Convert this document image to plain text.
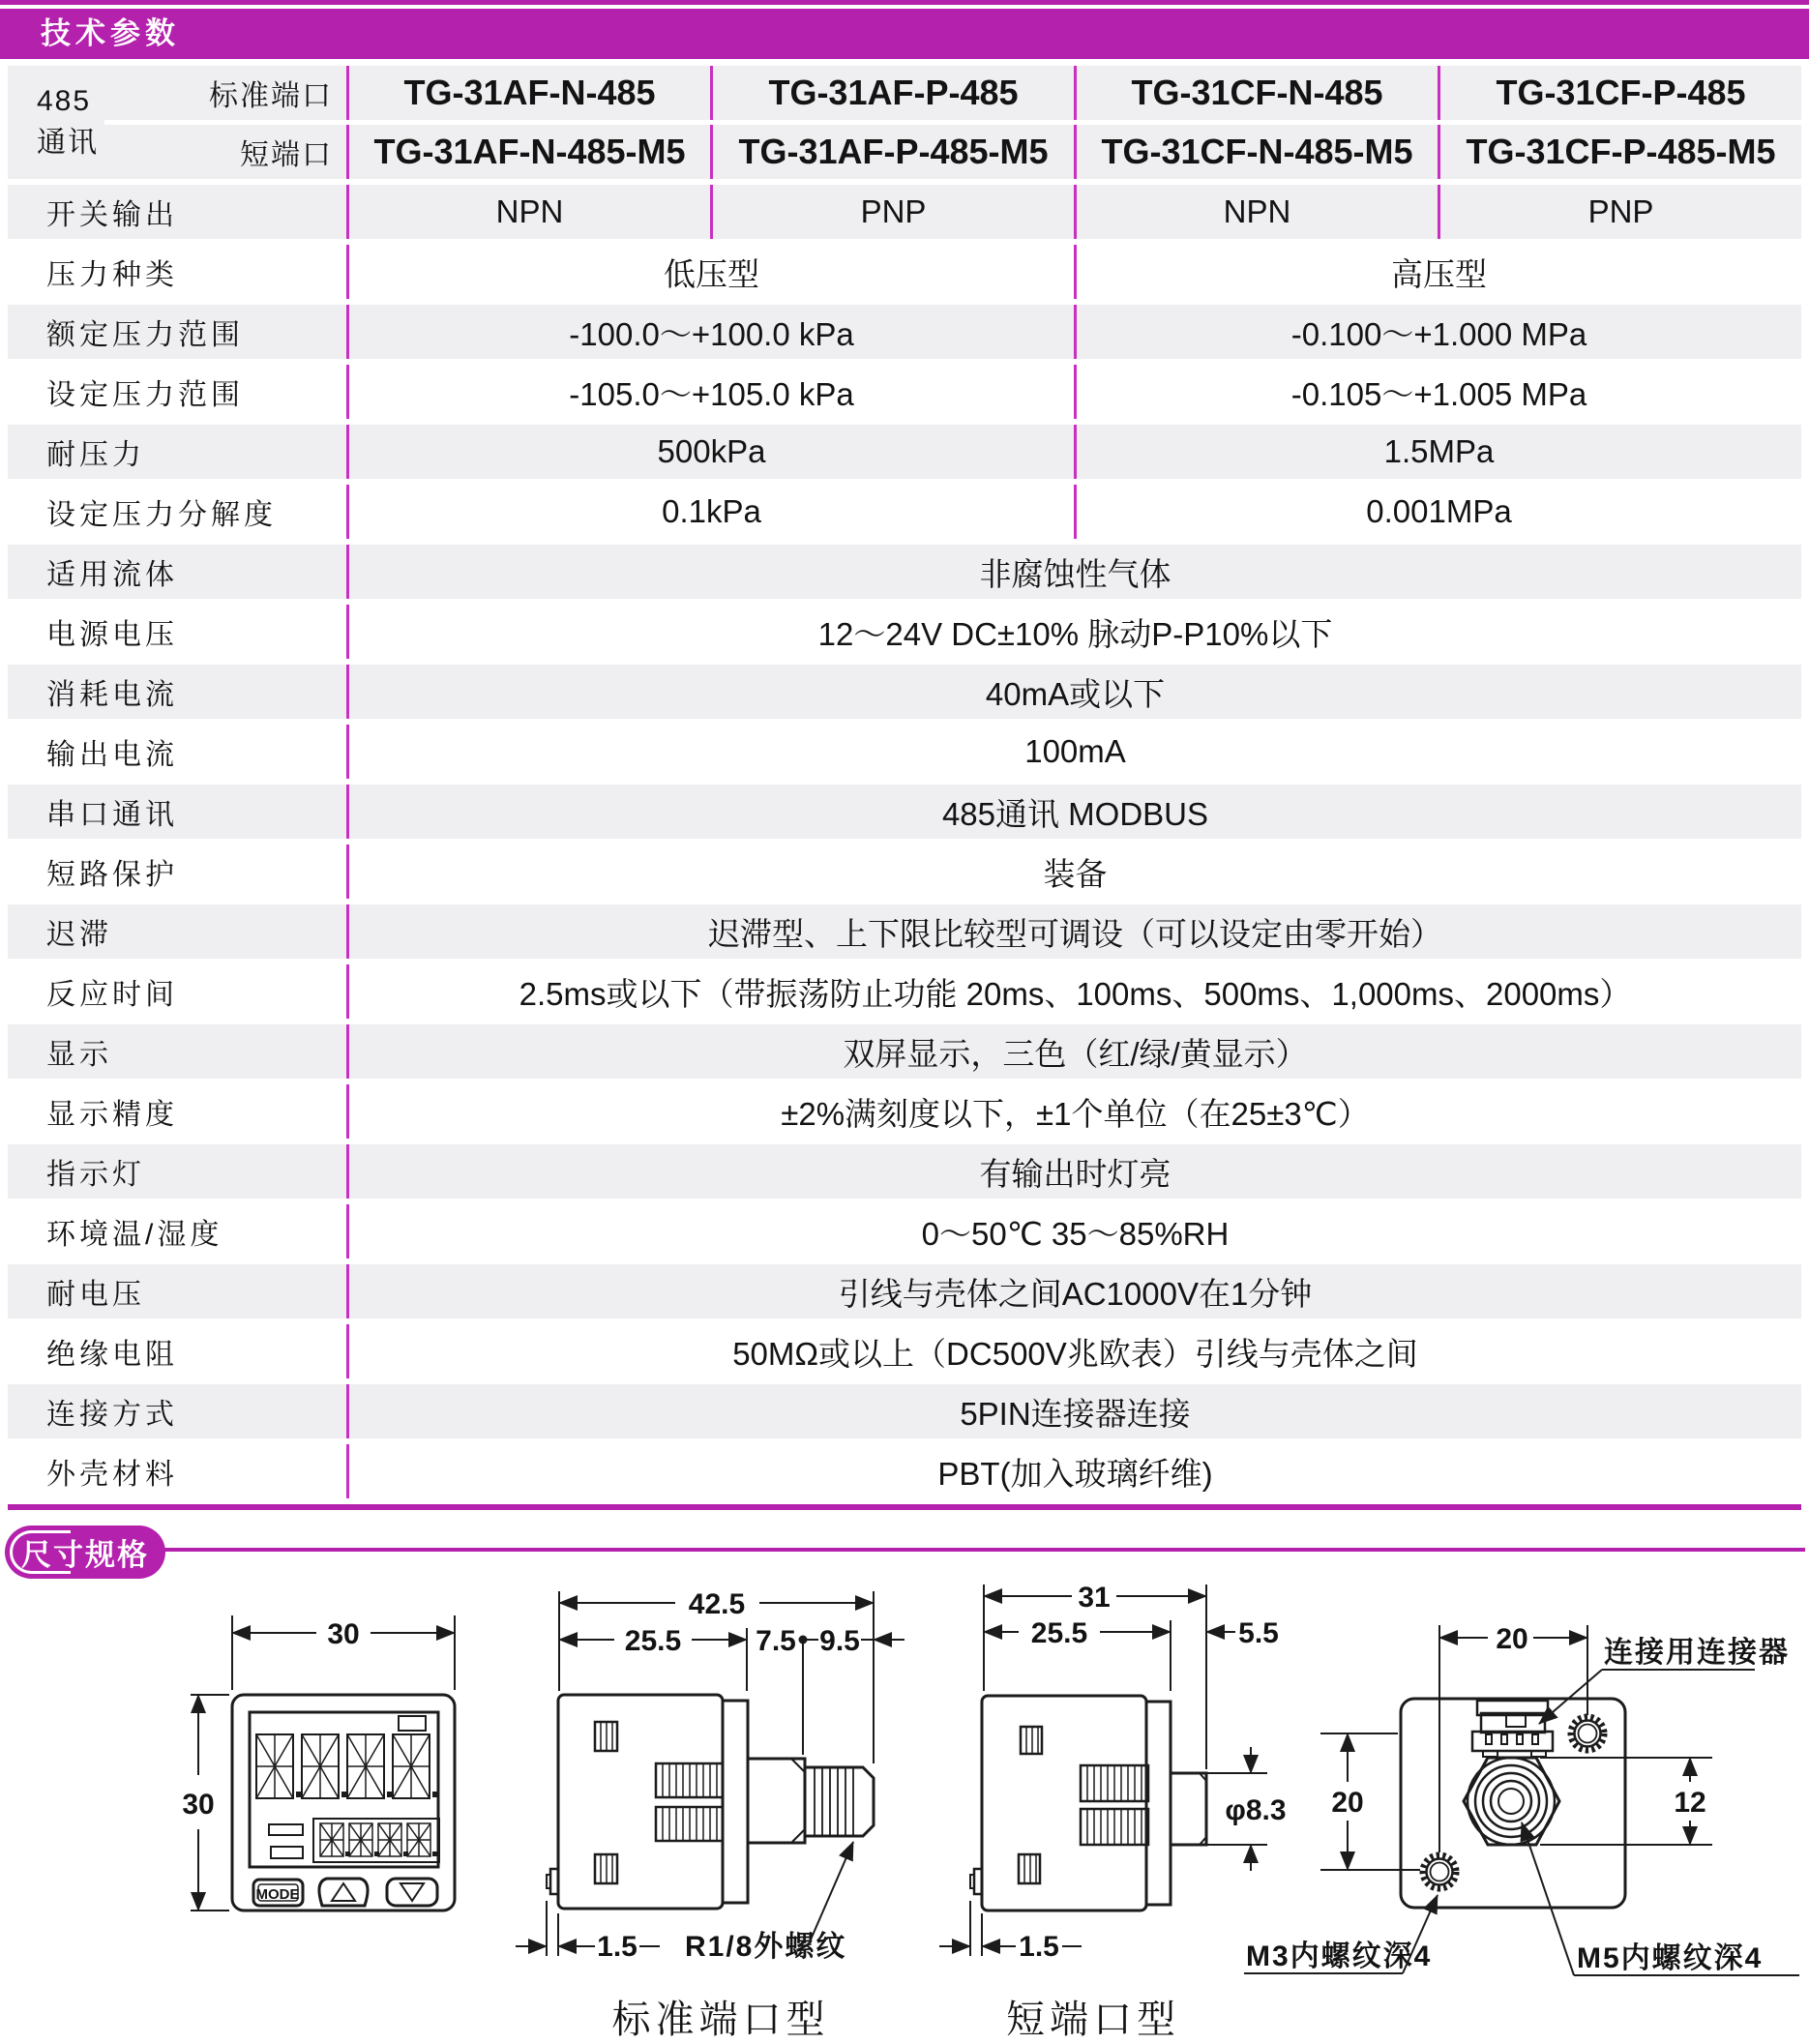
技术参数
485通讯
标准端口	TG-31AF-N-485	TG-31AF-P-485	TG-31CF-N-485	TG-31CF-P-485
短端口	TG-31AF-N-485-M5	TG-31AF-P-485-M5	TG-31CF-N-485-M5	TG-31CF-P-485-M5
开关输出	NPN	PNP	NPN	PNP
压力种类	低压型	高压型
额定压力范围	-100.0～+100.0 kPa	-0.100～+1.000 MPa
设定压力范围	-105.0～+105.0 kPa	-0.105～+1.005 MPa
耐压力	500kPa	1.5MPa
设定压力分解度	0.1kPa	0.001MPa
适用流体	非腐蚀性气体
电源电压	12～24V DC±10% 脉动P-P10%以下
消耗电流	40mA或以下
输出电流	100mA
串口通讯	485通讯 MODBUS
短路保护	装备
迟滞	迟滞型、上下限比较型可调设（可以设定由零开始）
反应时间	2.5ms或以下（带振荡防止功能 20ms、100ms、500ms、1,000ms、2000ms）
显示	双屏显示，三色（红/绿/黄显示）
显示精度	±2%满刻度以下，±1个单位（在25±3℃）
指示灯	有输出时灯亮
环境温/湿度	0～50℃ 35～85%RH
耐电压	引线与壳体之间AC1000V在1分钟
绝缘电阻	50MΩ或以上（DC500V兆欧表）引线与壳体之间
连接方式	5PIN连接器连接
外壳材料	PBT(加入玻璃纤维)
尺寸规格
30
30
MODE
42.5
25.5	7.5 9.5
1.5 R1/8外螺纹
31
25.5	5.5
φ8.3
1.5
20
20	12
连接用连接器
M5内螺纹深4
M3内螺纹深4
标准端口型	短端口型
